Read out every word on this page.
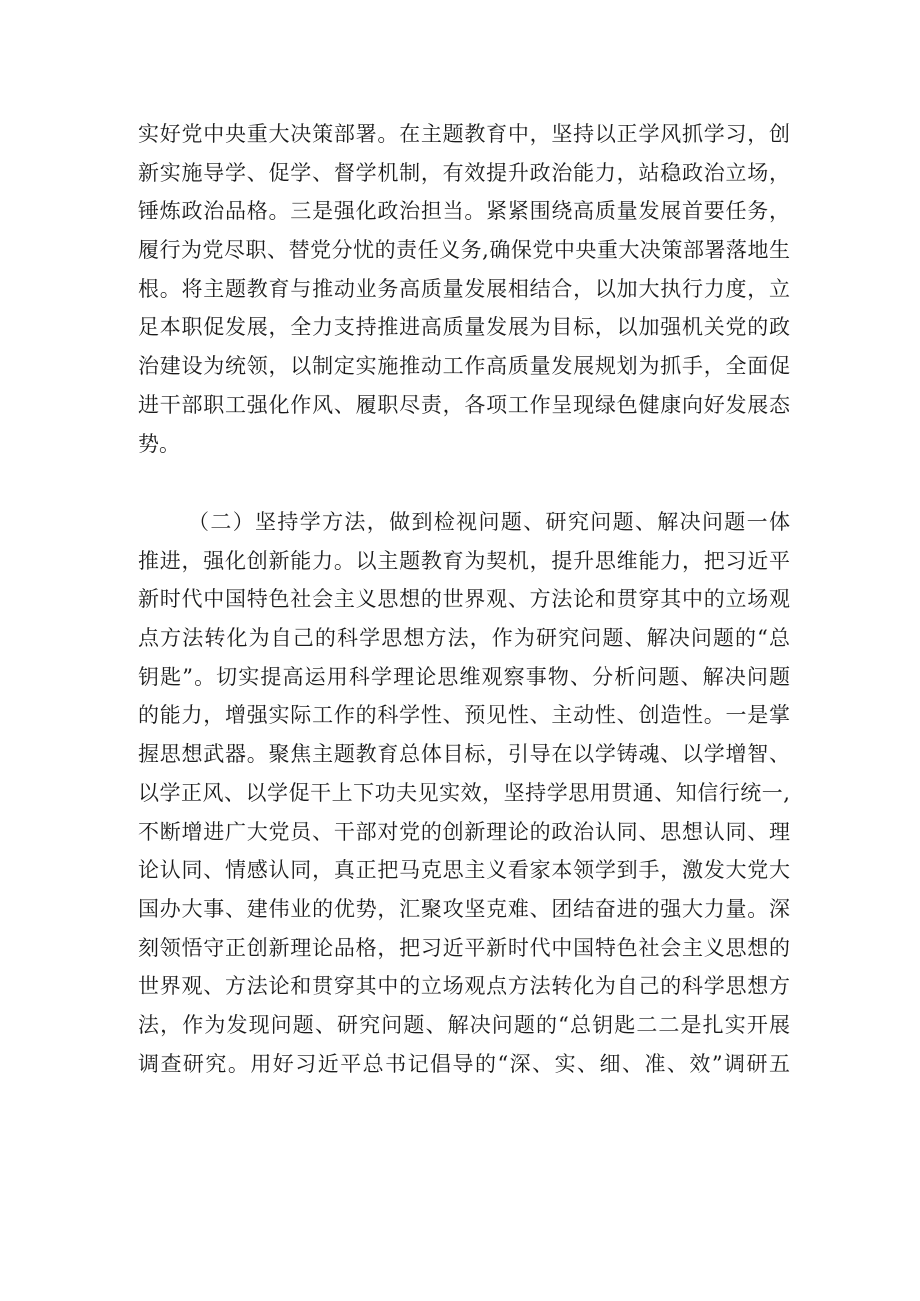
实好党中央重大决策部署。在主题教育中，坚持以正学风抓学习，创
新实施导学、促学、督学机制，有效提升政治能力，站稳政治立场，
锤炼政治品格。三是强化政治担当。紧紧围绕高质量发展首要任务，
履行为党尽职、替党分忧的责任义务,确保党中央重大决策部署落地生
根。将主题教育与推动业务高质量发展相结合，以加大执行力度，立
足本职促发展，全力支持推进高质量发展为目标，以加强机关党的政
治建设为统领，以制定实施推动工作高质量发展规划为抓手，全面促
进干部职工强化作风、履职尽责，各项工作呈现绿色健康向好发展态
势。
（二）坚持学方法，做到检视问题、研究问题、解决问题一体
推进，强化创新能力。以主题教育为契机，提升思维能力，把习近平
新时代中国特色社会主义思想的世界观、方法论和贯穿其中的立场观
点方法转化为自己的科学思想方法，作为研究问题、解决问题的“总
钥匙”。切实提高运用科学理论思维观察事物、分析问题、解决问题
的能力，增强实际工作的科学性、预见性、主动性、创造性。一是掌
握思想武器。聚焦主题教育总体目标，引导在以学铸魂、以学增智、
以学正风、以学促干上下功夫见实效，坚持学思用贯通、知信行统一,
不断增进广大党员、干部对党的创新理论的政治认同、思想认同、理
论认同、情感认同，真正把马克思主义看家本领学到手，激发大党大
国办大事、建伟业的优势，汇聚攻坚克难、团结奋进的强大力量。深
刻领悟守正创新理论品格，把习近平新时代中国特色社会主义思想的
世界观、方法论和贯穿其中的立场观点方法转化为自己的科学思想方
法，作为发现问题、研究问题、解决问题的“总钥匙二二是扎实开展
调查研究。用好习近平总书记倡导的“深、实、细、准、效”调研五
